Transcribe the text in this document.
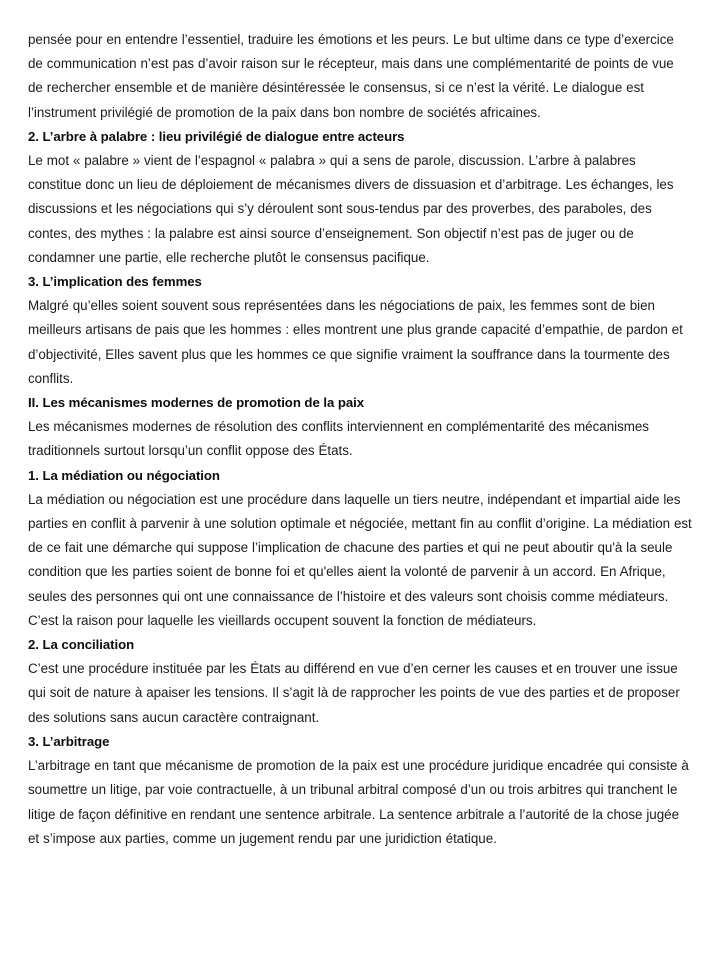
pensée pour en entendre l’essentiel, traduire les émotions et les peurs. Le but ultime dans ce type d’exercice de communication n’est pas d’avoir raison sur le récepteur, mais dans une complémentarité de points de vue de rechercher ensemble et de manière désintéressée le consensus, si ce n’est la vérité. Le dialogue est l’instrument privilégié de promotion de la paix dans bon nombre de sociétés africaines.

2. L’arbre à palabre : lieu privilégié de dialogue entre acteurs

Le mot « palabre » vient de l’espagnol « palabra » qui a sens de parole, discussion. L’arbre à palabres constitue donc un lieu de déploiement de mécanismes divers de dissuasion et d’arbitrage. Les échanges, les discussions et les négociations qui s’y déroulent sont sous-tendus par des proverbes, des paraboles, des contes, des mythes : la palabre est ainsi source d’enseignement. Son objectif n’est pas de juger ou de condamner une partie, elle recherche plutôt le consensus pacifique.

3. L’implication des femmes

Malgré qu’elles soient souvent sous représentées dans les négociations de paix, les femmes sont de bien meilleurs artisans de pais que les hommes : elles montrent une plus grande capacité d’empathie, de pardon et d’objectivité, Elles savent plus que les hommes ce que signifie vraiment la souffrance dans la tourmente des conflits.

II. Les mécanismes modernes de promotion de la paix

Les mécanismes modernes de résolution des conflits interviennent en complémentarité des mécanismes traditionnels surtout lorsqu’un conflit oppose des États.

1. La médiation ou négociation

La médiation ou négociation est une procédure dans laquelle un tiers neutre, indépendant et impartial aide les parties en conflit à parvenir à une solution optimale et négociée, mettant fin au conflit d’origine. La médiation est de ce fait une démarche qui suppose l’implication de chacune des parties et qui ne peut aboutir qu'à la seule condition que les parties soient de bonne foi et qu'elles aient la volonté de parvenir à un accord. En Afrique, seules des personnes qui ont une connaissance de l’histoire et des valeurs sont choisis comme médiateurs. C’est la raison pour laquelle les vieillards occupent souvent la fonction de médiateurs.

2. La conciliation

C’est une procédure instituée par les États au différend en vue d’en cerner les causes et en trouver une issue qui soit de nature à apaiser les tensions. Il s’agit là de rapprocher les points de vue des parties et de proposer des solutions sans aucun caractère contraignant.

3. L’arbitrage

L’arbitrage en tant que mécanisme de promotion de la paix est une procédure juridique encadrée qui consiste à soumettre un litige, par voie contractuelle, à un tribunal arbitral composé d’un ou trois arbitres qui tranchent le litige de façon définitive en rendant une sentence arbitrale. La sentence arbitrale a l’autorité de la chose jugée et s’impose aux parties, comme un jugement rendu par une juridiction étatique.
